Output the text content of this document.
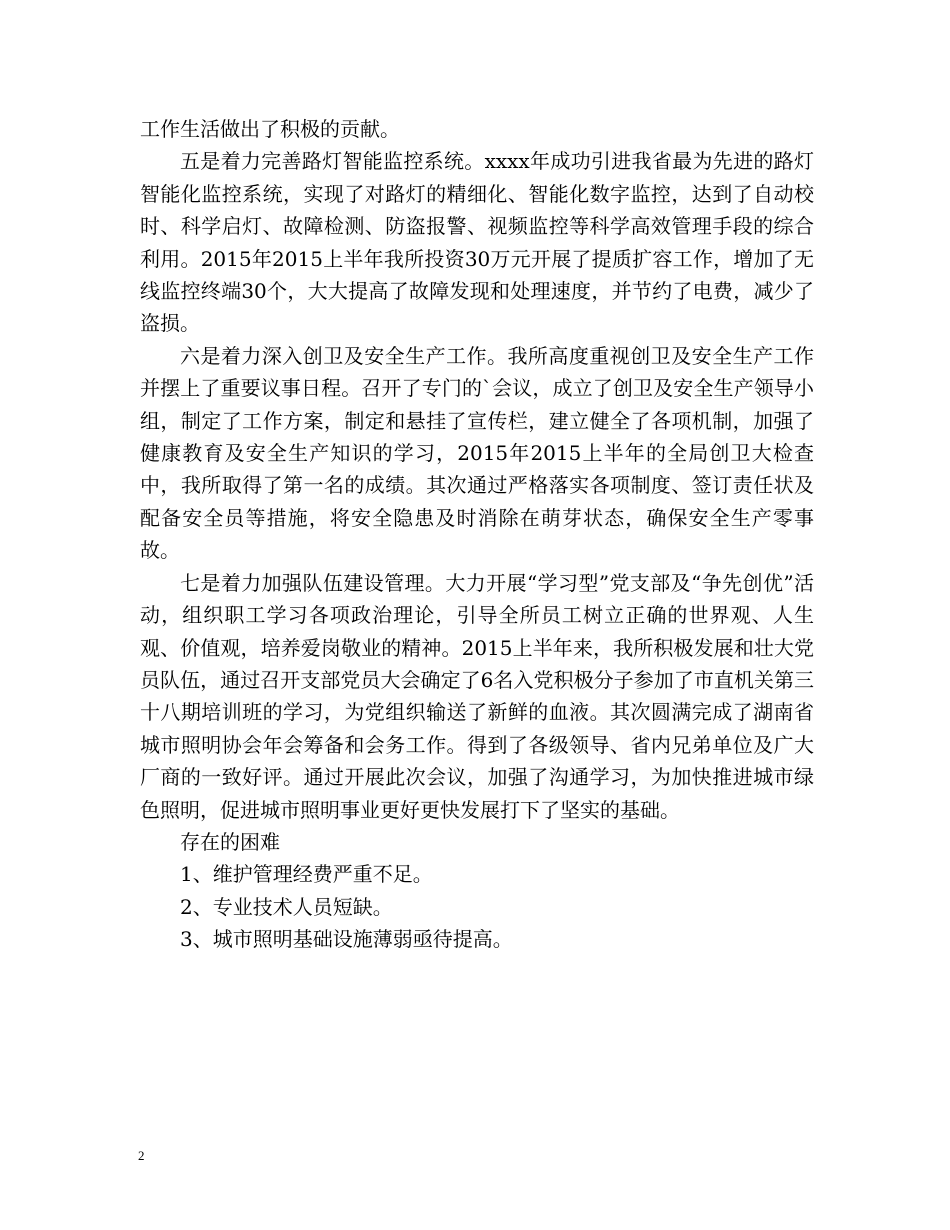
工作生活做出了积极的贡献。

五是着力完善路灯智能监控系统。xxxx年成功引进我省最为先进的路灯智能化监控系统，实现了对路灯的精细化、智能化数字监控，达到了自动校时、科学启灯、故障检测、防盗报警、视频监控等科学高效管理手段的综合利用。2015年2015上半年我所投资30万元开展了提质扩容工作，增加了无线监控终端30个，大大提高了故障发现和处理速度，并节约了电费，减少了盗损。

六是着力深入创卫及安全生产工作。我所高度重视创卫及安全生产工作并摆上了重要议事日程。召开了专门的`会议，成立了创卫及安全生产领导小组，制定了工作方案，制定和悬挂了宣传栏，建立健全了各项机制，加强了健康教育及安全生产知识的学习，2015年2015上半年的全局创卫大检查中，我所取得了第一名的成绩。其次通过严格落实各项制度、签订责任状及配备安全员等措施，将安全隐患及时消除在萌芽状态，确保安全生产零事故。

七是着力加强队伍建设管理。大力开展“学习型”党支部及“争先创优”活动，组织职工学习各项政治理论，引导全所员工树立正确的世界观、人生观、价值观，培养爱岗敬业的精神。2015上半年来，我所积极发展和壮大党员队伍，通过召开支部党员大会确定了6名入党积极分子参加了市直机关第三十八期培训班的学习，为党组织输送了新鲜的血液。其次圆满完成了湖南省城市照明协会年会筹备和会务工作。得到了各级领导、省内兄弟单位及广大厂商的一致好评。通过开展此次会议，加强了沟通学习，为加快推进城市绿色照明，促进城市照明事业更好更快发展打下了坚实的基础。

存在的困难

1、维护管理经费严重不足。

2、专业技术人员短缺。

3、城市照明基础设施薄弱亟待提高。

2
